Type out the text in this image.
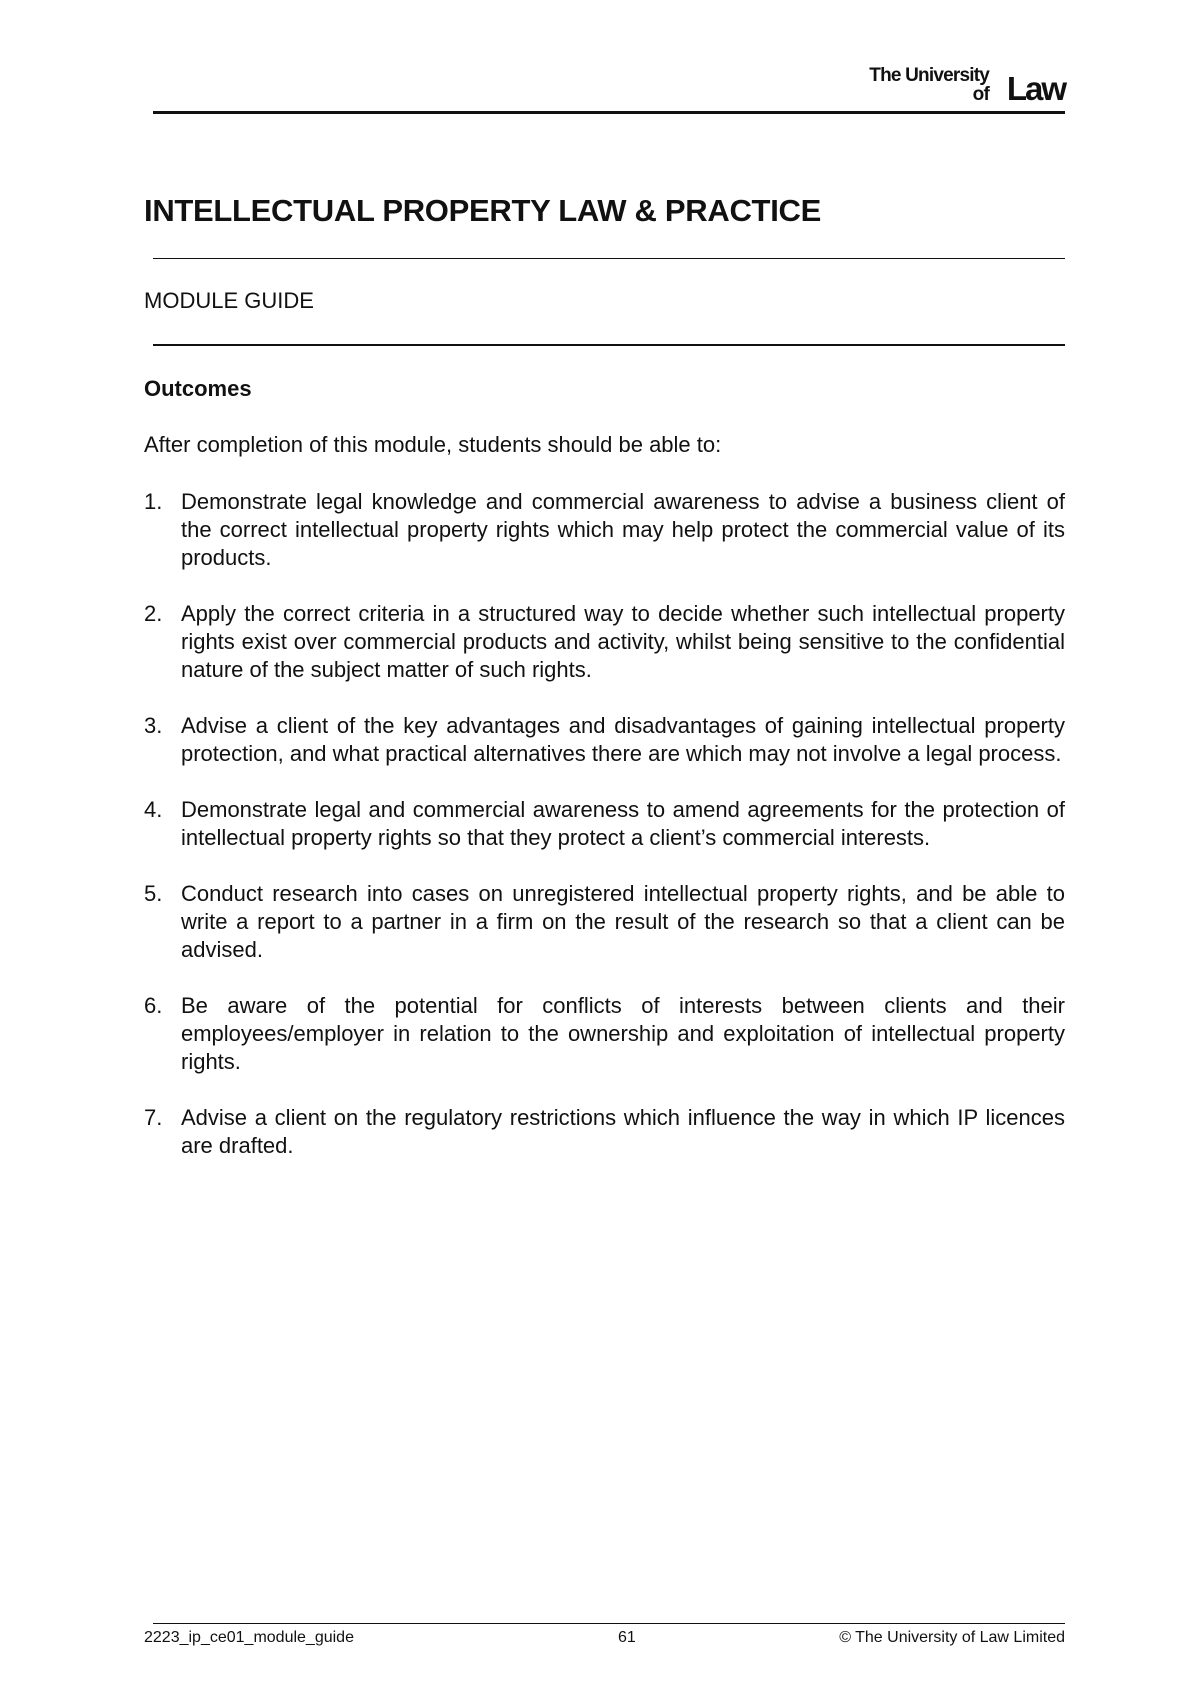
The University
of Law
INTELLECTUAL PROPERTY LAW & PRACTICE
MODULE GUIDE
Outcomes
After completion of this module, students should be able to:
1. Demonstrate legal knowledge and commercial awareness to advise a business client of the correct intellectual property rights which may help protect the commercial value of its products.
2. Apply the correct criteria in a structured way to decide whether such intellectual property rights exist over commercial products and activity, whilst being sensitive to the confidential nature of the subject matter of such rights.
3. Advise a client of the key advantages and disadvantages of gaining intellectual property protection, and what practical alternatives there are which may not involve a legal process.
4. Demonstrate legal and commercial awareness to amend agreements for the protection of intellectual property rights so that they protect a client’s commercial interests.
5. Conduct research into cases on unregistered intellectual property rights, and be able to write a report to a partner in a firm on the result of the research so that a client can be advised.
6. Be aware of the potential for conflicts of interests between clients and their employees/employer in relation to the ownership and exploitation of intellectual property rights.
7. Advise a client on the regulatory restrictions which influence the way in which IP licences are drafted.
2223_ip_ce01_module_guide	61	© The University of Law Limited
